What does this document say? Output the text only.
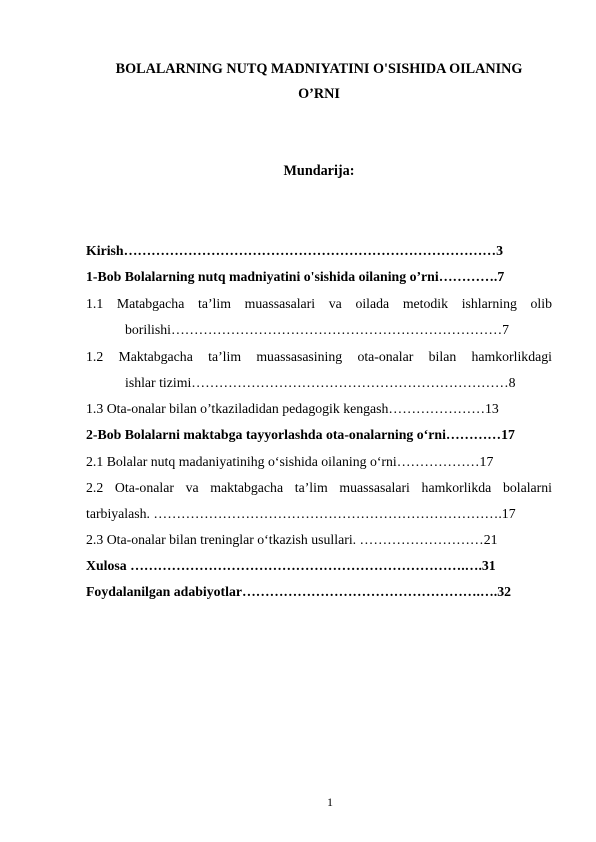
BOLALARNING NUTQ MADNIYATINI O'SISHIDA OILANING
O’RNI
Mundarija:
Kirish………………………………………………………………………3
1-Bob Bolalarning nutq madniyatini o'sishida oilaning o’rni………….7
1.1 Matabgacha ta’lim muassasalari va oilada metodik ishlarning olib
borilishi………………………………………………………………7
1.2 Maktabgacha ta’lim muassasasining ota-onalar bilan hamkorlikdagi
ishlar tizimi……………………………………………………………8
1.3 Ota-onalar bilan o’tkaziladidan pedagogik kengash…………………13
2-Bob Bolalarni maktabga tayyorlashda ota-onalarning o‘rni…………17
2.1 Bolalar nutq madaniyatinihg o‘sishida oilaning o‘rni………………17
2.2 Ota-onalar va maktabgacha ta’lim muassasalari hamkorlikda bolalarni
tarbiyalash. ………………………………………………………………….17
2.3 Ota-onalar bilan treninglar o‘tkazish usullari. ………………………21
Xulosa ……………………………………………………………….….31
Foydalanilgan adabiyotlar…………………………………………….….32
1
